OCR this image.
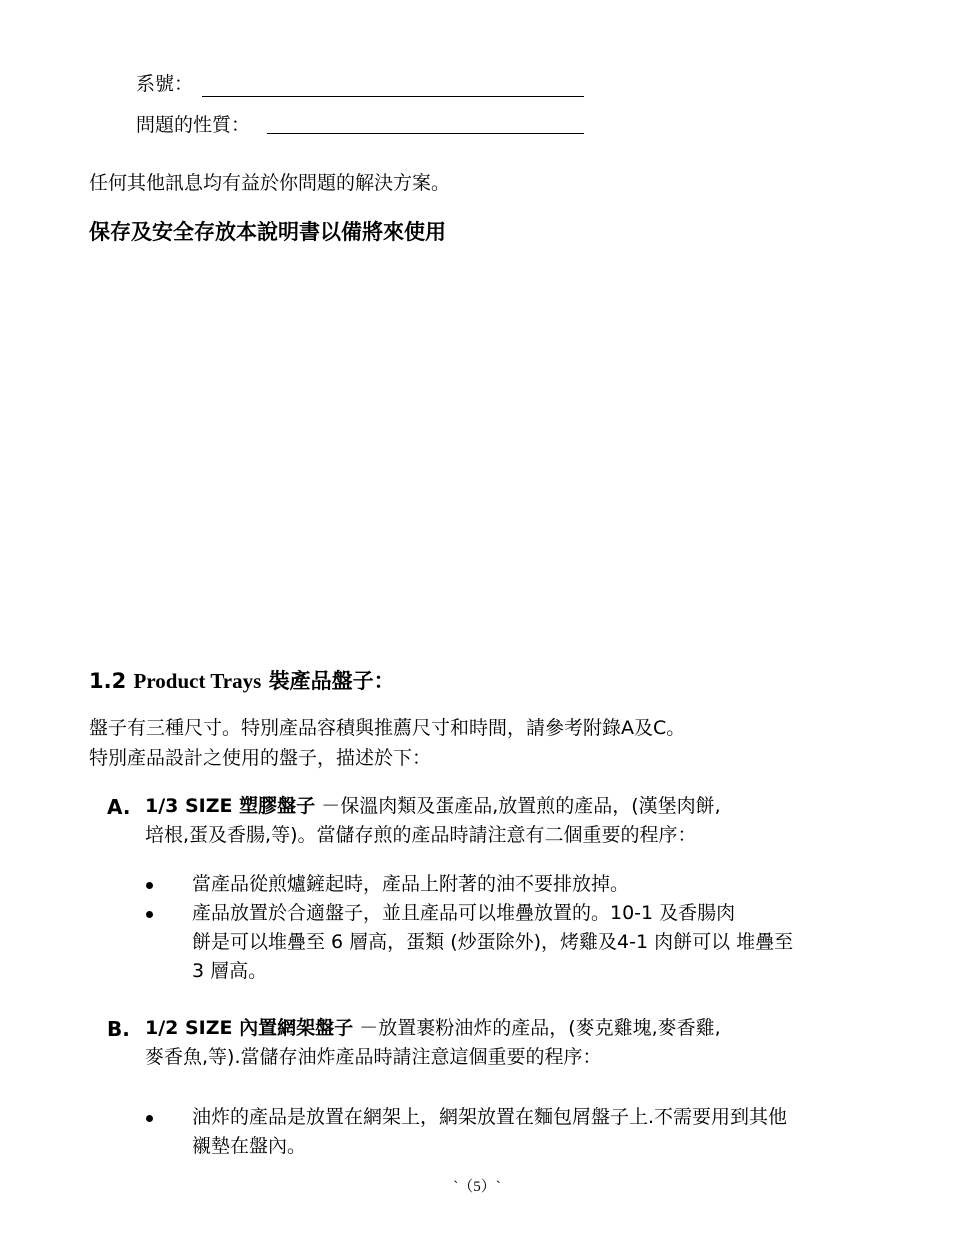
系號：
問題的性質：
任何其他訊息均有益於你問題的解決方案。
保存及安全存放本說明書以備將來使用
1.2 Product Trays 裝產品盤子：
盤子有三種尺寸。特別產品容積與推薦尺寸和時間，請參考附錄A及C。
特別產品設計之使用的盤子，描述於下：
A. 1/3 SIZE 塑膠盤子 －保溫肉類及蛋產品,放置煎的產品，(漢堡肉餅,
培根,蛋及香腸,等)。當儲存煎的產品時請注意有二個重要的程序：
當產品從煎爐鏟起時，產品上附著的油不要排放掉。
產品放置於合適盤子，並且產品可以堆疊放置的。10-1 及香腸肉
餅是可以堆疊至 6 層高，蛋類 (炒蛋除外)，烤雞及4-1 肉餅可以 堆疊至
3 層高。
B. 1/2 SIZE 內置網架盤子 －放置裹粉油炸的產品，(麥克雞塊,麥香雞,
麥香魚,等).當儲存油炸產品時請注意這個重要的程序：
油炸的產品是放置在網架上，網架放置在麵包屑盤子上.不需要用到其他
襯墊在盤內。
`（5）`
